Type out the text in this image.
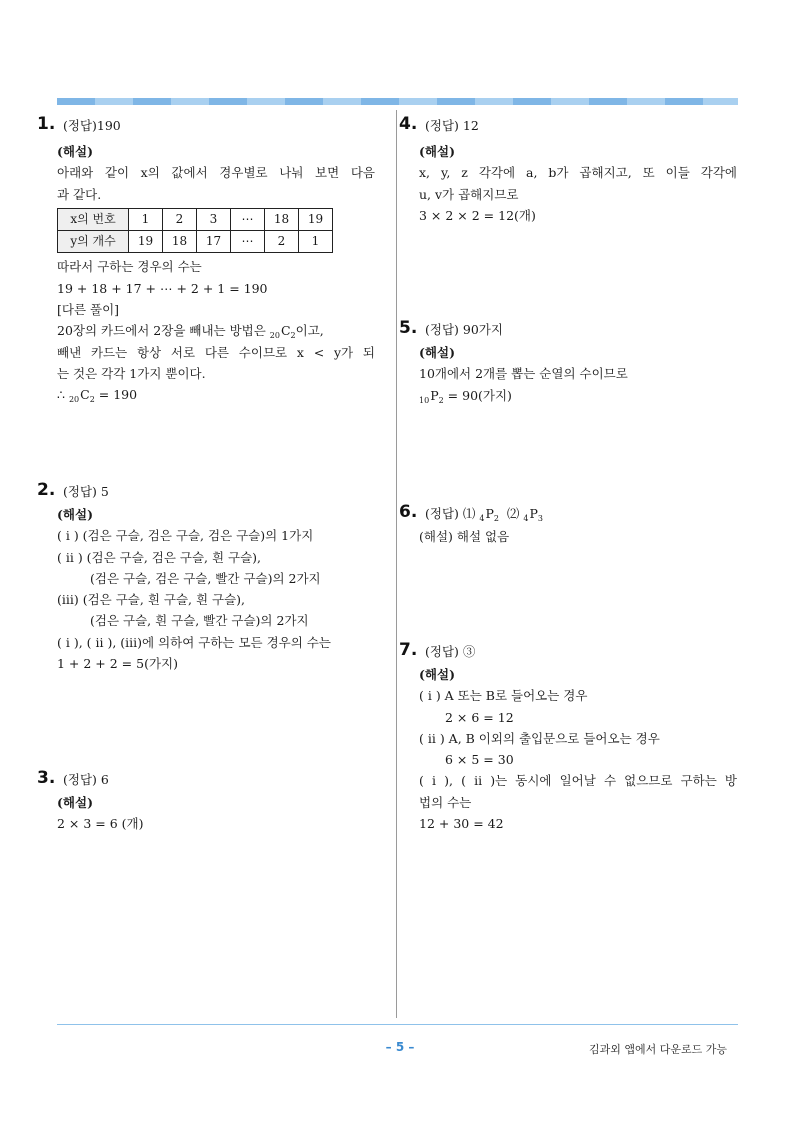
1. (정답)190
(해설)
아래와 같이 x의 값에서 경우별로 나눠 보면 다음
과 같다.
x의 번호	1	2	3	⋯	18	19
y의 개수	19	18	17	⋯	2	1
따라서 구하는 경우의 수는
19 + 18 + 17 + ⋯ + 2 + 1 = 190
[다른 풀이]
20장의 카드에서 2장을 빼내는 방법은 $_{20}C_2$이고,
빼낸 카드는 항상 서로 다른 수이므로 x < y가 되
는 것은 각각 1가지 뿐이다.
∴ $_{20}C_2 = 190$
2. (정답) 5
(해설)
( i ) (검은 구슬, 검은 구슬, 검은 구슬)의 1가지
( ii ) (검은 구슬, 검은 구슬, 흰 구슬),
(검은 구슬, 검은 구슬, 빨간 구슬)의 2가지
(iii) (검은 구슬, 흰 구슬, 흰 구슬),
(검은 구슬, 흰 구슬, 빨간 구슬)의 2가지
( i ), ( ii ), (iii)에 의하여 구하는 모든 경우의 수는
1 + 2 + 2 = 5(가지)
3. (정답) 6
(해설)
2 × 3 = 6 (개)
4. (정답) 12
(해설)
x, y, z 각각에 a, b가 곱해지고, 또 이들 각각에
u, v가 곱해지므로
3 × 2 × 2 = 12(개)
5. (정답) 90가지
(해설)
10개에서 2개를 뽑는 순열의 수이므로
$_{10}P_2 = 90$(가지)
6. (정답) ⑴ $_4P_2$  ⑵ $_4P_3$
(해설) 해설 없음
7. (정답) ③
(해설)
( i ) A 또는 B로 들어오는 경우
2 × 6 = 12
( ii ) A, B 이외의 출입문으로 들어오는 경우
6 × 5 = 30
( i ), ( ii )는 동시에 일어날 수 없으므로 구하는 방
법의 수는
12 + 30 = 42
– 5 –	김과외 앱에서 다운로드 가능
